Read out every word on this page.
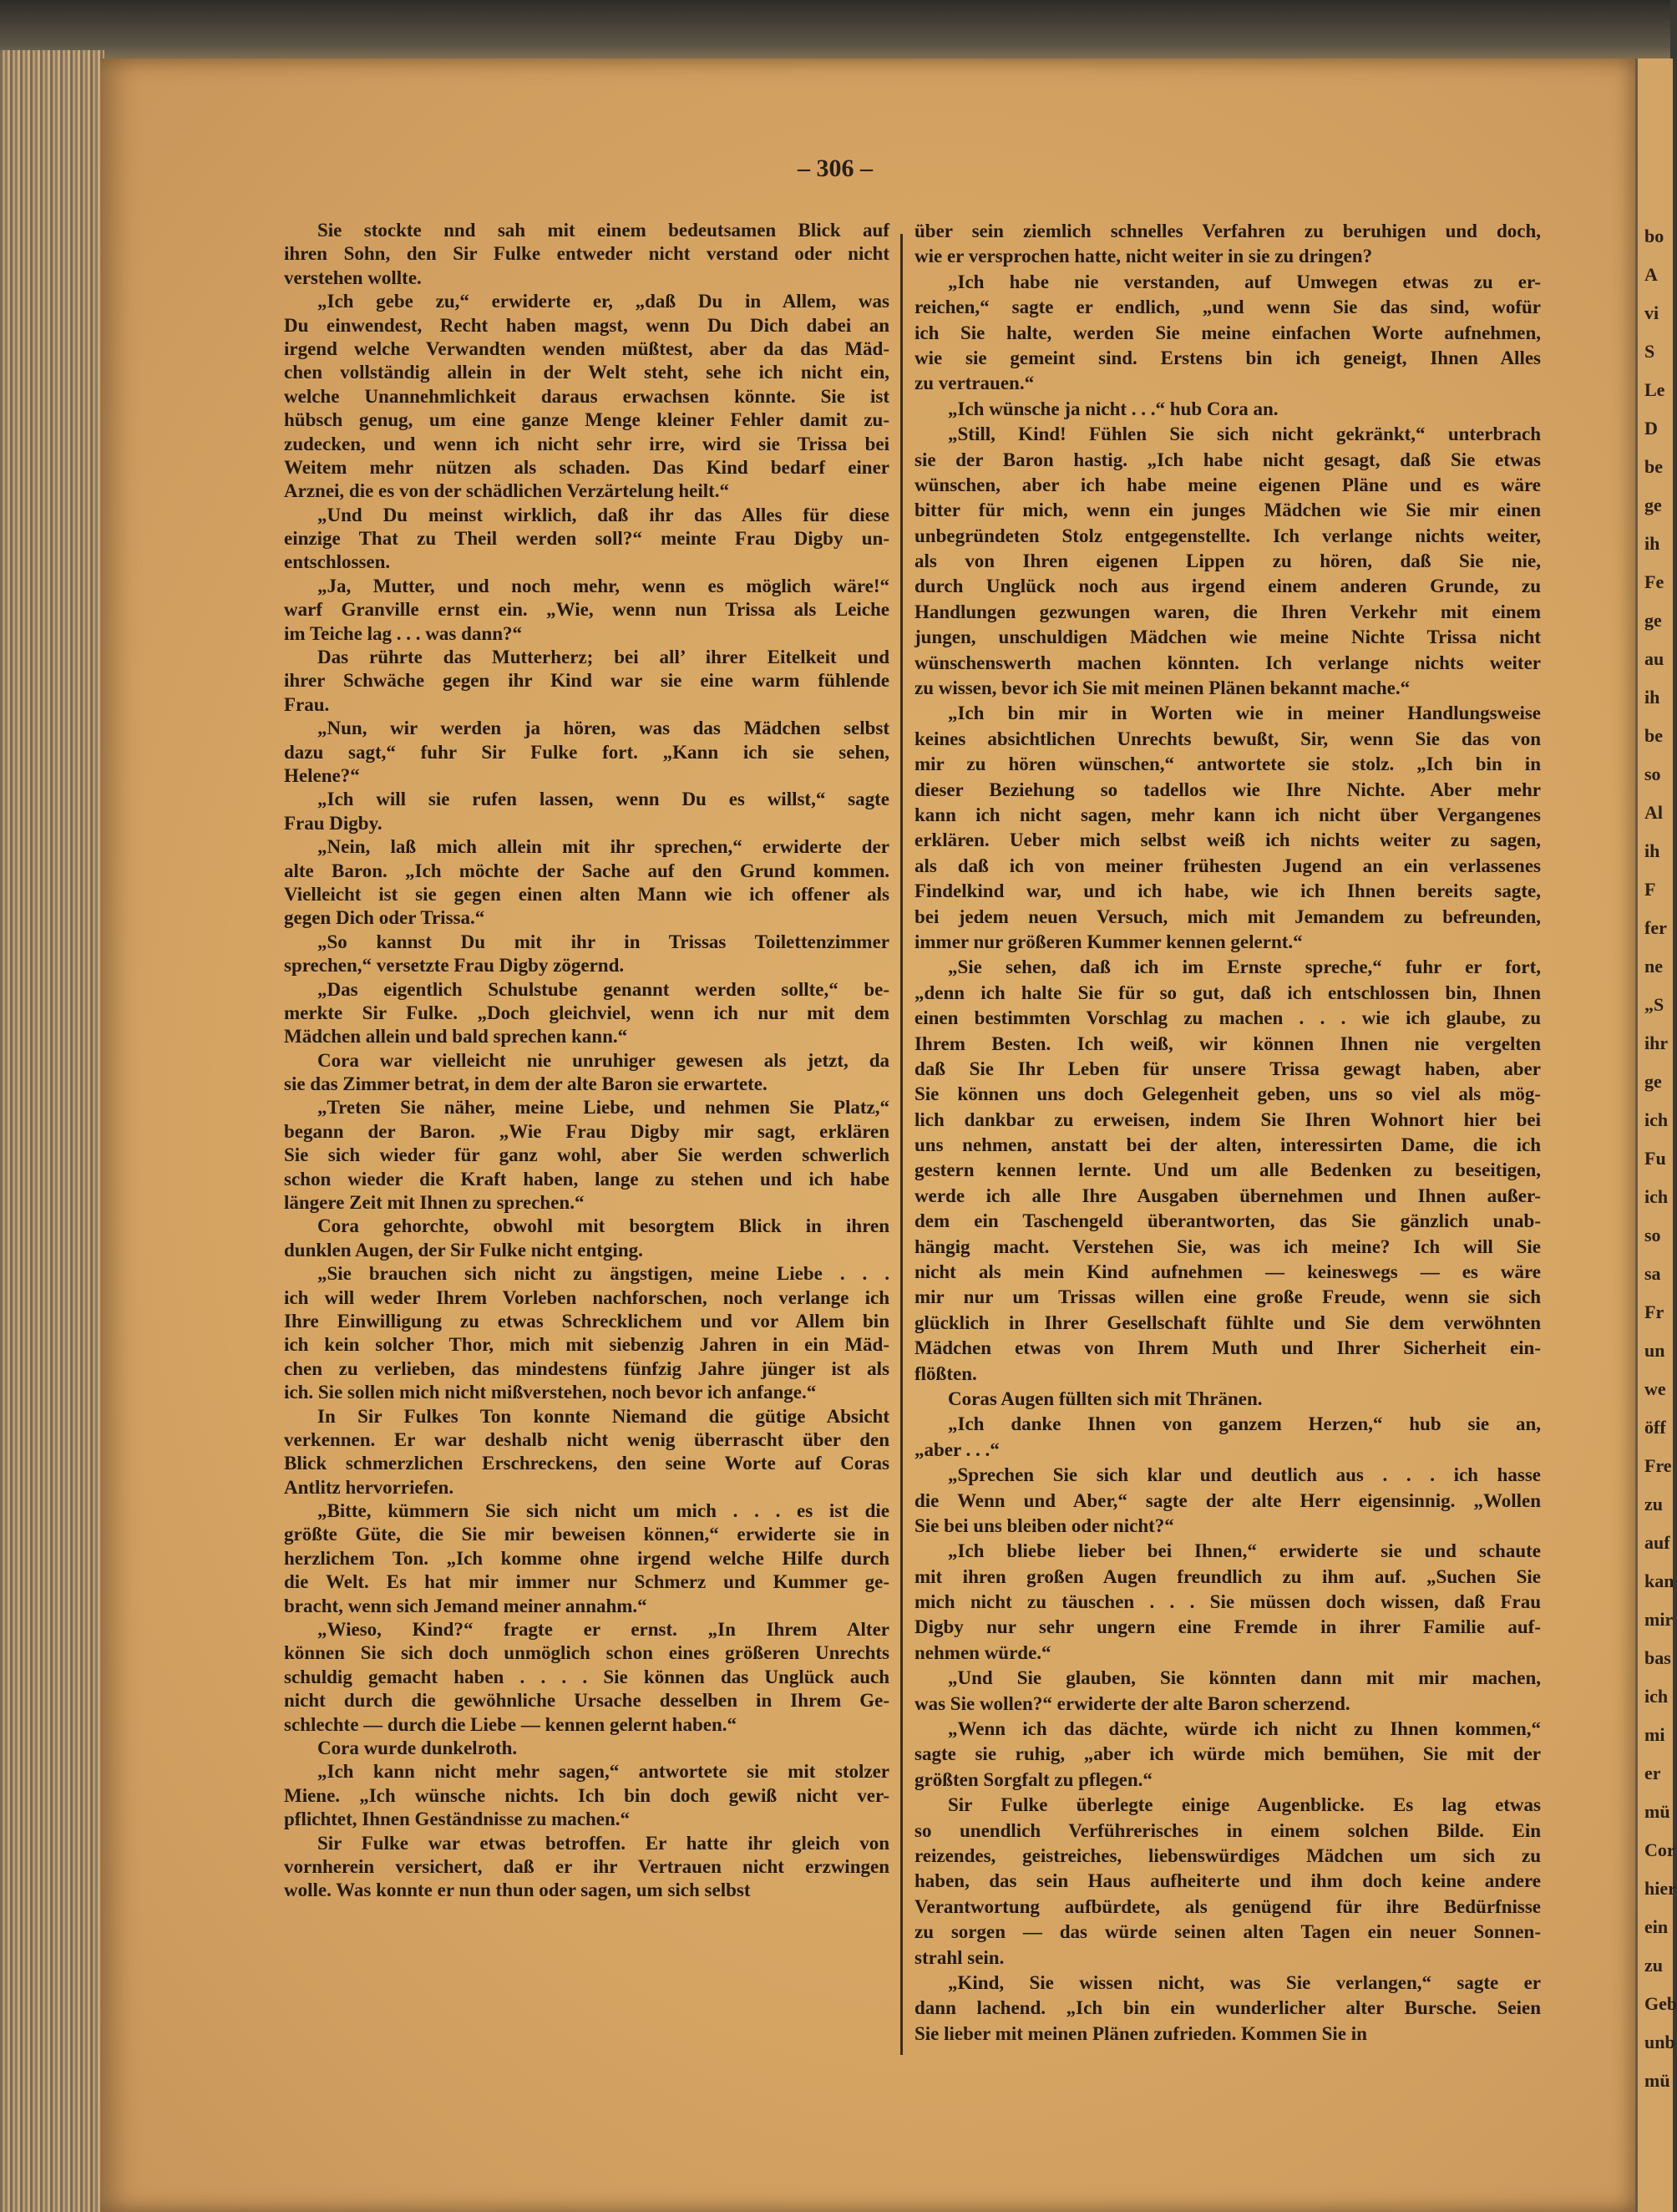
bo
A
vi
S
Le
D
be
ge
ih
Fe
ge
au
ih
be
so
Al
ih
F
fer
ne
„S
ihr
ge
ich
Fu
ich
so
sa
Fr
un
we
öff
Fre
zu
auf
kan
mir
bas
ich
mi
er
mü
Cor
hier
ein
zu
Geb
unb
mü
– 306 –
Sie stockte nnd sah mit einem bedeutsamen Blick auf
ihren Sohn, den Sir Fulke entweder nicht verstand oder nicht
verstehen wollte.
„Ich gebe zu,“ erwiderte er, „daß Du in Allem, was
Du einwendest, Recht haben magst, wenn Du Dich dabei an
irgend welche Verwandten wenden müßtest, aber da das Mäd-
chen vollständig allein in der Welt steht, sehe ich nicht ein,
welche Unannehmlichkeit daraus erwachsen könnte. Sie ist
hübsch genug, um eine ganze Menge kleiner Fehler damit zu-
zudecken, und wenn ich nicht sehr irre, wird sie Trissa bei
Weitem mehr nützen als schaden. Das Kind bedarf einer
Arznei, die es von der schädlichen Verzärtelung heilt.“
„Und Du meinst wirklich, daß ihr das Alles für diese
einzige That zu Theil werden soll?“ meinte Frau Digby un-
entschlossen.
„Ja, Mutter, und noch mehr, wenn es möglich wäre!“
warf Granville ernst ein. „Wie, wenn nun Trissa als Leiche
im Teiche lag . . . was dann?“
Das rührte das Mutterherz; bei all’ ihrer Eitelkeit und
ihrer Schwäche gegen ihr Kind war sie eine warm fühlende
Frau.
„Nun, wir werden ja hören, was das Mädchen selbst
dazu sagt,“ fuhr Sir Fulke fort. „Kann ich sie sehen,
Helene?“
„Ich will sie rufen lassen, wenn Du es willst,“ sagte
Frau Digby.
„Nein, laß mich allein mit ihr sprechen,“ erwiderte der
alte Baron. „Ich möchte der Sache auf den Grund kommen.
Vielleicht ist sie gegen einen alten Mann wie ich offener als
gegen Dich oder Trissa.“
„So kannst Du mit ihr in Trissas Toilettenzimmer
sprechen,“ versetzte Frau Digby zögernd.
„Das eigentlich Schulstube genannt werden sollte,“ be-
merkte Sir Fulke. „Doch gleichviel, wenn ich nur mit dem
Mädchen allein und bald sprechen kann.“
Cora war vielleicht nie unruhiger gewesen als jetzt, da
sie das Zimmer betrat, in dem der alte Baron sie erwartete.
„Treten Sie näher, meine Liebe, und nehmen Sie Platz,“
begann der Baron. „Wie Frau Digby mir sagt, erklären
Sie sich wieder für ganz wohl, aber Sie werden schwerlich
schon wieder die Kraft haben, lange zu stehen und ich habe
längere Zeit mit Ihnen zu sprechen.“
Cora gehorchte, obwohl mit besorgtem Blick in ihren
dunklen Augen, der Sir Fulke nicht entging.
„Sie brauchen sich nicht zu ängstigen, meine Liebe . . .
ich will weder Ihrem Vorleben nachforschen, noch verlange ich
Ihre Einwilligung zu etwas Schrecklichem und vor Allem bin
ich kein solcher Thor, mich mit siebenzig Jahren in ein Mäd-
chen zu verlieben, das mindestens fünfzig Jahre jünger ist als
ich. Sie sollen mich nicht mißverstehen, noch bevor ich anfange.“
In Sir Fulkes Ton konnte Niemand die gütige Absicht
verkennen. Er war deshalb nicht wenig überrascht über den
Blick schmerzlichen Erschreckens, den seine Worte auf Coras
Antlitz hervorriefen.
„Bitte, kümmern Sie sich nicht um mich . . . es ist die
größte Güte, die Sie mir beweisen können,“ erwiderte sie in
herzlichem Ton. „Ich komme ohne irgend welche Hilfe durch
die Welt. Es hat mir immer nur Schmerz und Kummer ge-
bracht, wenn sich Jemand meiner annahm.“
„Wieso, Kind?“ fragte er ernst. „In Ihrem Alter
können Sie sich doch unmöglich schon eines größeren Unrechts
schuldig gemacht haben . . . . Sie können das Unglück auch
nicht durch die gewöhnliche Ursache desselben in Ihrem Ge-
schlechte — durch die Liebe — kennen gelernt haben.“
Cora wurde dunkelroth.
„Ich kann nicht mehr sagen,“ antwortete sie mit stolzer
Miene. „Ich wünsche nichts. Ich bin doch gewiß nicht ver-
pflichtet, Ihnen Geständnisse zu machen.“
Sir Fulke war etwas betroffen. Er hatte ihr gleich von
vornherein versichert, daß er ihr Vertrauen nicht erzwingen
wolle. Was konnte er nun thun oder sagen, um sich selbst
über sein ziemlich schnelles Verfahren zu beruhigen und doch,
wie er versprochen hatte, nicht weiter in sie zu dringen?
„Ich habe nie verstanden, auf Umwegen etwas zu er-
reichen,“ sagte er endlich, „und wenn Sie das sind, wofür
ich Sie halte, werden Sie meine einfachen Worte aufnehmen,
wie sie gemeint sind. Erstens bin ich geneigt, Ihnen Alles
zu vertrauen.“
„Ich wünsche ja nicht . . .“ hub Cora an.
„Still, Kind! Fühlen Sie sich nicht gekränkt,“ unterbrach
sie der Baron hastig. „Ich habe nicht gesagt, daß Sie etwas
wünschen, aber ich habe meine eigenen Pläne und es wäre
bitter für mich, wenn ein junges Mädchen wie Sie mir einen
unbegründeten Stolz entgegenstellte. Ich verlange nichts weiter,
als von Ihren eigenen Lippen zu hören, daß Sie nie,
durch Unglück noch aus irgend einem anderen Grunde, zu
Handlungen gezwungen waren, die Ihren Verkehr mit einem
jungen, unschuldigen Mädchen wie meine Nichte Trissa nicht
wünschenswerth machen könnten. Ich verlange nichts weiter
zu wissen, bevor ich Sie mit meinen Plänen bekannt mache.“
„Ich bin mir in Worten wie in meiner Handlungsweise
keines absichtlichen Unrechts bewußt, Sir, wenn Sie das von
mir zu hören wünschen,“ antwortete sie stolz. „Ich bin in
dieser Beziehung so tadellos wie Ihre Nichte. Aber mehr
kann ich nicht sagen, mehr kann ich nicht über Vergangenes
erklären. Ueber mich selbst weiß ich nichts weiter zu sagen,
als daß ich von meiner frühesten Jugend an ein verlassenes
Findelkind war, und ich habe, wie ich Ihnen bereits sagte,
bei jedem neuen Versuch, mich mit Jemandem zu befreunden,
immer nur größeren Kummer kennen gelernt.“
„Sie sehen, daß ich im Ernste spreche,“ fuhr er fort,
„denn ich halte Sie für so gut, daß ich entschlossen bin, Ihnen
einen bestimmten Vorschlag zu machen . . . wie ich glaube, zu
Ihrem Besten. Ich weiß, wir können Ihnen nie vergelten
daß Sie Ihr Leben für unsere Trissa gewagt haben, aber
Sie können uns doch Gelegenheit geben, uns so viel als mög-
lich dankbar zu erweisen, indem Sie Ihren Wohnort hier bei
uns nehmen, anstatt bei der alten, interessirten Dame, die ich
gestern kennen lernte. Und um alle Bedenken zu beseitigen,
werde ich alle Ihre Ausgaben übernehmen und Ihnen außer-
dem ein Taschengeld überantworten, das Sie gänzlich unab-
hängig macht. Verstehen Sie, was ich meine? Ich will Sie
nicht als mein Kind aufnehmen — keineswegs — es wäre
mir nur um Trissas willen eine große Freude, wenn sie sich
glücklich in Ihrer Gesellschaft fühlte und Sie dem verwöhnten
Mädchen etwas von Ihrem Muth und Ihrer Sicherheit ein-
flößten.
Coras Augen füllten sich mit Thränen.
„Ich danke Ihnen von ganzem Herzen,“ hub sie an,
„aber . . .“
„Sprechen Sie sich klar und deutlich aus . . . ich hasse
die Wenn und Aber,“ sagte der alte Herr eigensinnig. „Wollen
Sie bei uns bleiben oder nicht?“
„Ich bliebe lieber bei Ihnen,“ erwiderte sie und schaute
mit ihren großen Augen freundlich zu ihm auf. „Suchen Sie
mich nicht zu täuschen . . . Sie müssen doch wissen, daß Frau
Digby nur sehr ungern eine Fremde in ihrer Familie auf-
nehmen würde.“
„Und Sie glauben, Sie könnten dann mit mir machen,
was Sie wollen?“ erwiderte der alte Baron scherzend.
„Wenn ich das dächte, würde ich nicht zu Ihnen kommen,“
sagte sie ruhig, „aber ich würde mich bemühen, Sie mit der
größten Sorgfalt zu pflegen.“
Sir Fulke überlegte einige Augenblicke. Es lag etwas
so unendlich Verführerisches in einem solchen Bilde. Ein
reizendes, geistreiches, liebenswürdiges Mädchen um sich zu
haben, das sein Haus aufheiterte und ihm doch keine andere
Verantwortung aufbürdete, als genügend für ihre Bedürfnisse
zu sorgen — das würde seinen alten Tagen ein neuer Sonnen-
strahl sein.
„Kind, Sie wissen nicht, was Sie verlangen,“ sagte er
dann lachend. „Ich bin ein wunderlicher alter Bursche. Seien
Sie lieber mit meinen Plänen zufrieden. Kommen Sie in
